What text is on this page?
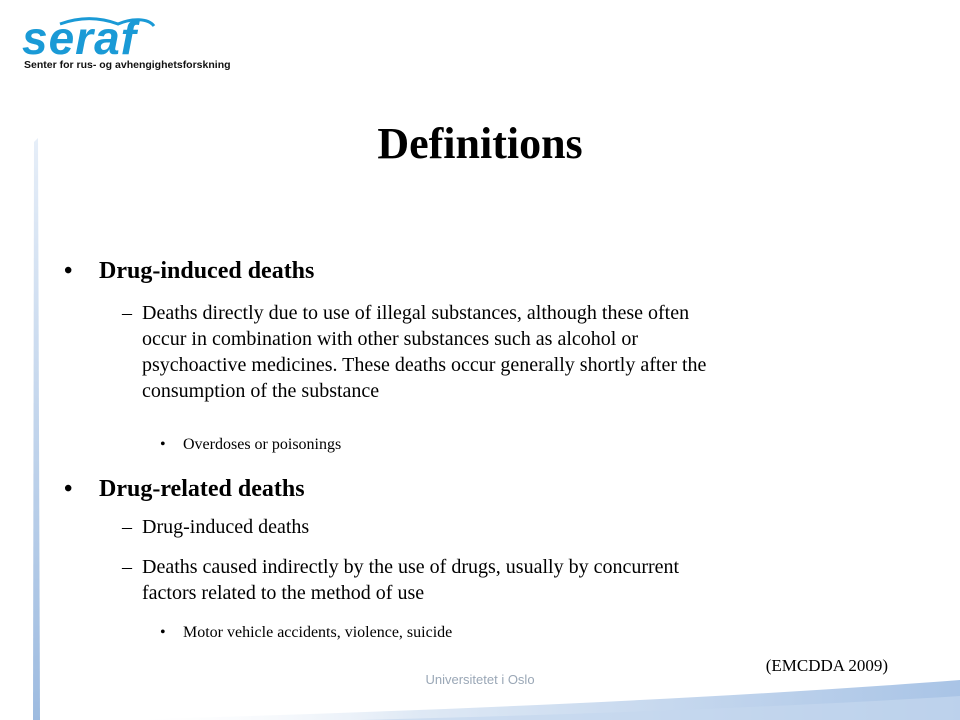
seraf
Senter for rus- og avhengighetsforskning
Definitions
• Drug-induced deaths
– Deaths directly due to use of illegal substances, although these often
occur in combination with other substances such as alcohol or
psychoactive medicines. These deaths occur generally shortly after the
consumption of the substance
• Overdoses or poisonings
• Drug-related deaths
– Drug-induced deaths
– Deaths caused indirectly by the use of drugs, usually by concurrent
factors related to the method of use
• Motor vehicle accidents, violence, suicide
(EMCDDA 2009)
Universitetet i Oslo
